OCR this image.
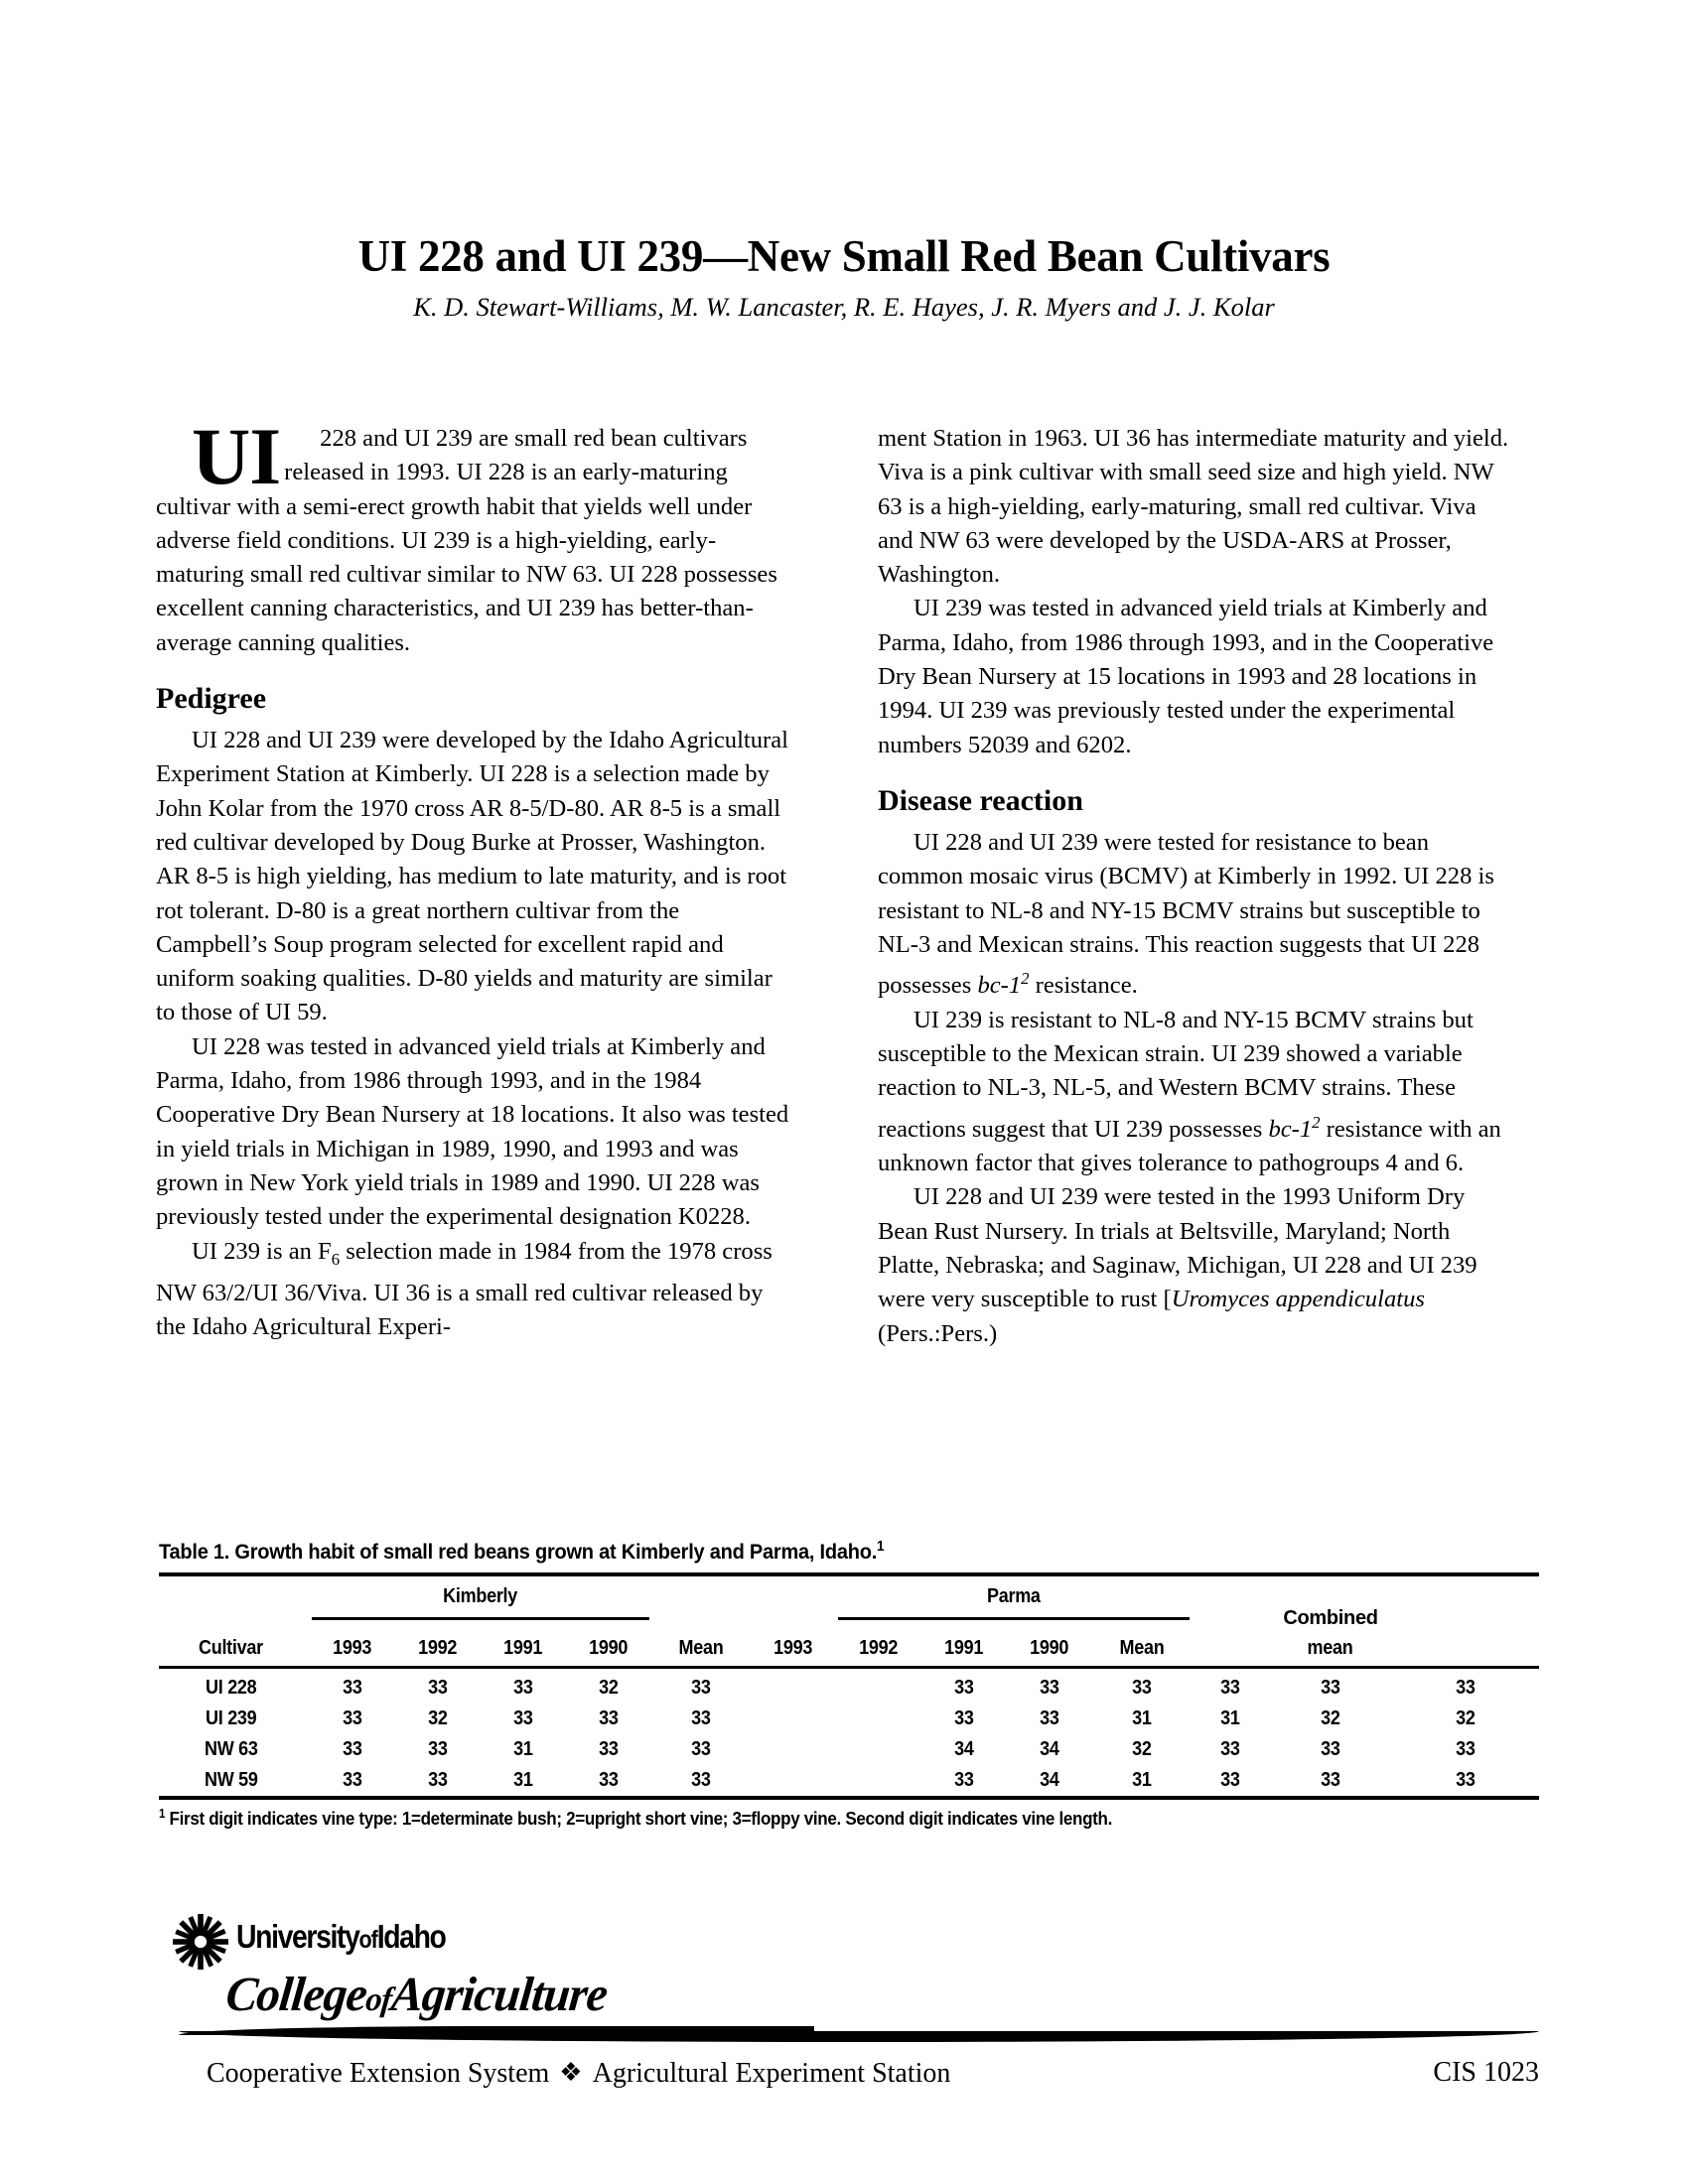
UI 228 and UI 239—New Small Red Bean Cultivars
K. D. Stewart-Williams, M. W. Lancaster, R. E. Hayes, J. R. Myers and J. J. Kolar

UI 228 and UI 239 are small red bean cultivars released in 1993. UI 228 is an early-maturing cultivar with a semi-erect growth habit that yields well under adverse field conditions. UI 239 is a high-yielding, early-maturing small red cultivar similar to NW 63. UI 228 possesses excellent canning characteristics, and UI 239 has better-than-average canning qualities.

Pedigree

UI 228 and UI 239 were developed by the Idaho Agricultural Experiment Station at Kimberly. UI 228 is a selection made by John Kolar from the 1970 cross AR 8-5/D-80. AR 8-5 is a small red cultivar developed by Doug Burke at Prosser, Washington. AR 8-5 is high yielding, has medium to late maturity, and is root rot tolerant. D-80 is a great northern cultivar from the Campbell’s Soup program selected for excellent rapid and uniform soaking qualities. D-80 yields and maturity are similar to those of UI 59.

UI 228 was tested in advanced yield trials at Kimberly and Parma, Idaho, from 1986 through 1993, and in the 1984 Cooperative Dry Bean Nursery at 18 locations. It also was tested in yield trials in Michigan in 1989, 1990, and 1993 and was grown in New York yield trials in 1989 and 1990. UI 228 was previously tested under the experimental designation K0228.

UI 239 is an $F_6$ selection made in 1984 from the 1978 cross NW 63/2/UI 36/Viva. UI 36 is a small red cultivar released by the Idaho Agricultural Experi-

ment Station in 1963. UI 36 has intermediate maturity and yield. Viva is a pink cultivar with small seed size and high yield. NW 63 is a high-yielding, early-maturing, small red cultivar. Viva and NW 63 were developed by the USDA-ARS at Prosser, Washington.

UI 239 was tested in advanced yield trials at Kimberly and Parma, Idaho, from 1986 through 1993, and in the Cooperative Dry Bean Nursery at 15 locations in 1993 and 28 locations in 1994. UI 239 was previously tested under the experimental numbers 52039 and 6202.

Disease reaction

UI 228 and UI 239 were tested for resistance to bean common mosaic virus (BCMV) at Kimberly in 1992. UI 228 is resistant to NL-8 and NY-15 BCMV strains but susceptible to NL-3 and Mexican strains. This reaction suggests that UI 228 possesses $bc-1^2$ resistance.

UI 239 is resistant to NL-8 and NY-15 BCMV strains but susceptible to the Mexican strain. UI 239 showed a variable reaction to NL-3, NL-5, and Western BCMV strains. These reactions suggest that UI 239 possesses $bc-1^2$ resistance with an unknown factor that gives tolerance to pathogroups 4 and 6.

UI 228 and UI 239 were tested in the 1993 Uniform Dry Bean Rust Nursery. In trials at Beltsville, Maryland; North Platte, Nebraska; and Saginaw, Michigan, UI 228 and UI 239 were very susceptible to rust [Uromyces appendiculatus (Pers.:Pers.)

Table 1. Growth habit of small red beans grown at Kimberly and Parma, Idaho.$^1$
	Kimberly						Parma						

Cultivar	1993	1992	1991	1990	Mean	1993	1992	1991	1990	Mean		Combined
mean	
UI 228	33	33	33	32	33			33	33	33	33	33	33
UI 239	33	32	33	33	33			33	33	31	31	32	32
NW 63	33	33	31	33	33			34	34	32	33	33	33
NW 59	33	33	31	33	33			33	34	31	33	33	33
$^1$ First digit indicates vine type: 1=determinate bush; 2=upright short vine; 3=floppy vine. Second digit indicates vine length.
UniversityofIdaho
CollegeofAgriculture
Cooperative Extension System ❖ Agricultural Experiment Station	CIS 1023
